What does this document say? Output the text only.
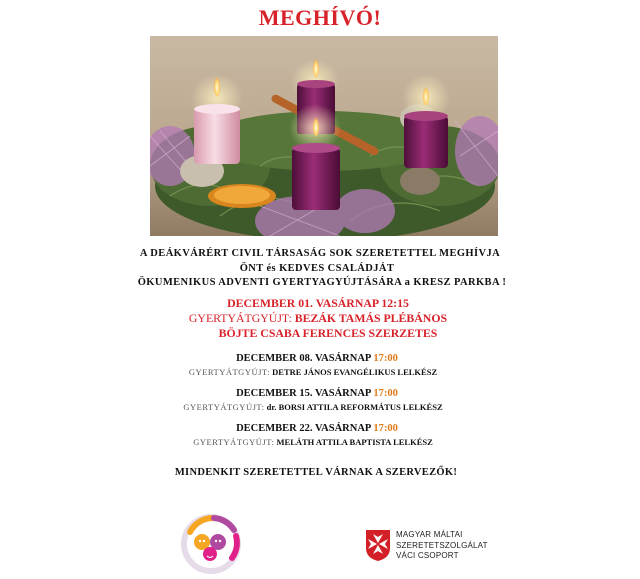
MEGHÍVÓ!
A DEÁKVÁRÉRT CIVIL TÁRSASÁG SOK SZERETETTEL MEGHÍVJA
ÖNT és KEDVES CSALÁDJÁT
ÖKUMENIKUS ADVENTI GYERTYAGYÚJTÁSÁRA a KRESZ PARKBA !
DECEMBER 01. VASÁRNAP 12:15
GYERTYÁTGYÚJT: BEZÁK TAMÁS PLÉBÁNOS
BÖJTE CSABA FERENCES SZERZETES
DECEMBER 08. VASÁRNAP 17:00
GYERTYÁTGYÚJT: DETRE JÁNOS EVANGÉLIKUS LELKÉSZ
DECEMBER 15. VASÁRNAP 17:00
GYERTYÁTGYÚJT: dr. BORSI ATTILA REFORMÁTUS LELKÉSZ
DECEMBER 22. VASÁRNAP 17:00
GYERTYÁTGYÚJT: MELÁTH ATTILA BAPTISTA LELKÉSZ
MINDENKIT SZERETETTEL VÁRNAK A SZERVEZŐK!
MAGYAR MÁLTAI
SZERETETSZOLGÁLAT
VÁCI CSOPORT
